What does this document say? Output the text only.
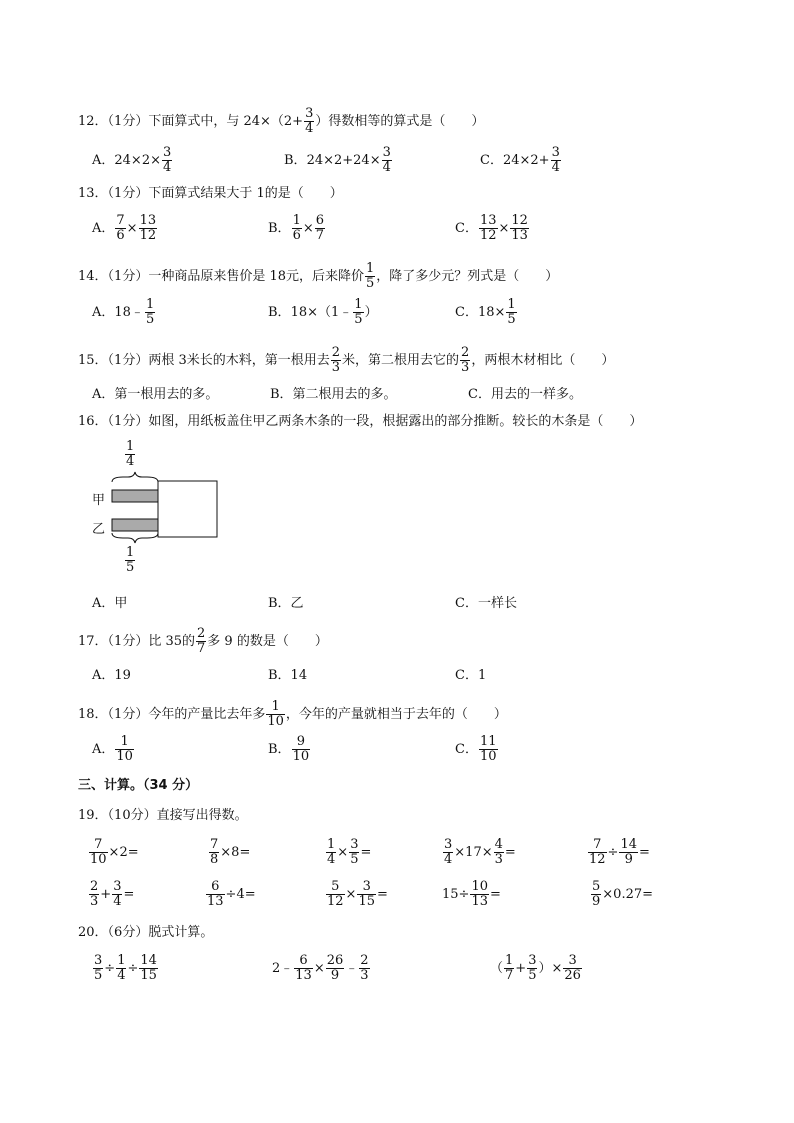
12．（1分）下面算式中，与 $24\times(2+ \frac{3}{4}$ ）得数相等的算式是（　　）
A．$24\times 2\times \frac{3}{4}$	B．$24\times 2+24\times \frac{3}{4}$	C．$24\times 2+ \frac{3}{4}$
13．（1分）下面算式结果大于 1的是（　　）
A． $\frac{7}{6} \times \frac{13}{12}$	B． $\frac{1}{6} \times \frac{6}{7}$	C． $\frac{13}{12} \times \frac{12}{13}$
14．（1分）一种商品原来售价是 18元，后来降价 $\frac{1}{5}$ ，降了多少元？列式是（　　）
A．18﹣ $\frac{1}{5}$	B．18×（1﹣ $\frac{1}{5}$ ）	C．$18\times \frac{1}{5}$
15．（1分）两根 3米长的木料，第一根用去 $\frac{2}{3}$ 米，第二根用去它的 $\frac{2}{3}$ ，两根木材相比（　　）
A．第一根用去的多。	B．第二根用去的多。	C．用去的一样多。
16．（1分）如图，用纸板盖住甲乙两条木条的一段，根据露出的部分推断。较长的木条是（　　）
1
4
甲
乙
1
5
A．甲	B．乙	C．一样长
17．（1分）比 35的 $\frac{2}{7}$ 多 9 的数是（　　）
A．19	B．14	C．1
18．（1分）今年的产量比去年多 $\frac{1}{10}$ ，今年的产量就相当于去年的（　　）
A． $\frac{1}{10}$	B． $\frac{9}{10}$	C． $\frac{11}{10}$
三、计算。（34 分）
19．（10分）直接写出得数。
$\frac{7}{10} \times 2=$	$\frac{7}{8} \times 8=$	$\frac{1}{4} \times \frac{3}{5}$ =	$\frac{3}{4} \times 17\times \frac{4}{3}$ =	$\frac{7}{12} \div \frac{14}{9}$ =
$\frac{2}{3} + \frac{3}{4}$ =	$\frac{6}{13} \div 4=$	$\frac{5}{12} \times \frac{3}{15}$ =	$15\div \frac{10}{13}$ =	$\frac{5}{9} \times 0.27=$
20．（6分）脱式计算。
$\frac{3}{5} \div \frac{1}{4} \div \frac{14}{15}$	2﹣ $\frac{6}{13} \times \frac{26}{9}$ ﹣ $\frac{2}{3}$	（ $\frac{1}{7} + \frac{3}{5}$ ）× $\frac{3}{26}$
